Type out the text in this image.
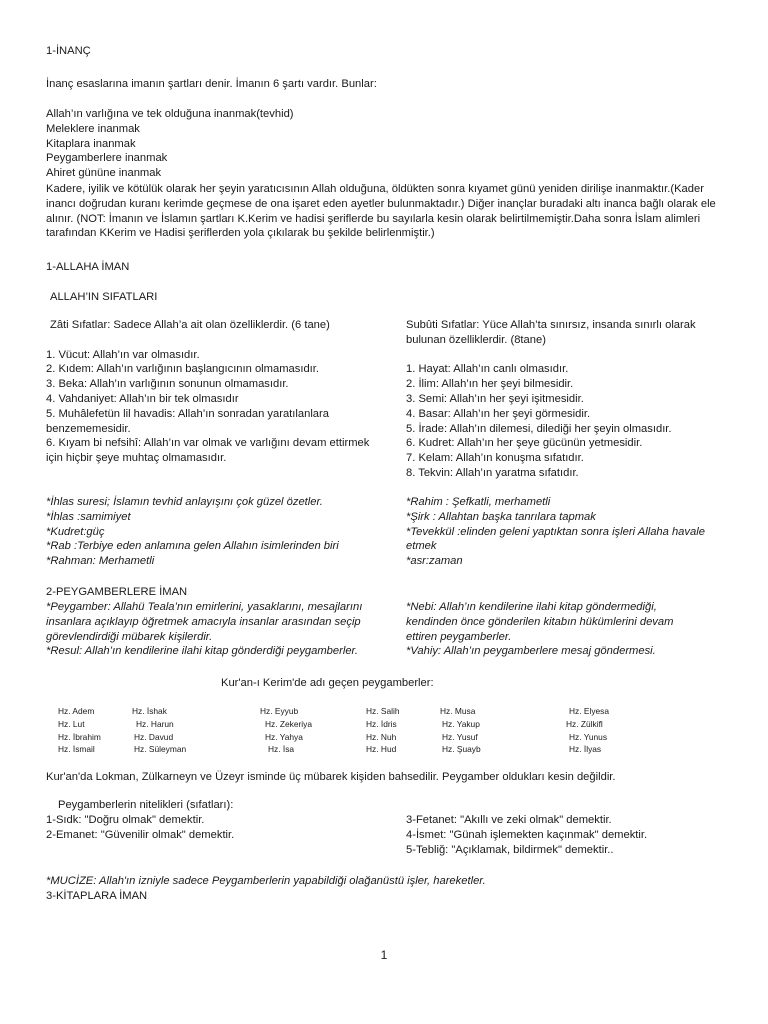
1-İNANÇ
İnanç esaslarına imanın şartları denir. İmanın 6 şartı vardır. Bunlar:
Allah’ın varlığına ve tek olduğuna inanmak(tevhid)
Meleklere inanmak
Kitaplara inanmak
Peygamberlere inanmak
Ahiret gününe inanmak
Kadere, iyilik ve kötülük olarak her şeyin yaratıcısının Allah olduğuna, öldükten sonra kıyamet günü yeniden dirilişe inanmaktır.(Kader inancı doğrudan kuranı kerimde geçmese de ona işaret eden ayetler bulunmaktadır.) Diğer inançlar buradaki altı inanca bağlı olarak ele alınır. (NOT: İmanın ve İslamın şartları K.Kerim ve hadisi şeriflerde bu sayılarla kesin olarak belirtilmemiştir.Daha sonra İslam alimleri tarafından KKerim ve Hadisi şeriflerden yola çıkılarak bu şekilde belirlenmiştir.)
1-ALLAHA İMAN
ALLAH’IN SIFATLARI
Zâti Sıfatlar: Sadece Allah’a ait olan özelliklerdir. (6 tane)
1. Vücut: Allah’ın var olmasıdır.
2. Kıdem: Allah’ın varlığının başlangıcının olmamasıdır.
3. Beka: Allah’ın varlığının sonunun olmamasıdır.
4. Vahdaniyet: Allah’ın bir tek olmasıdır
5. Muhâlefetün lil havadis: Allah’ın sonradan yaratılanlara benzememesidir.
6. Kıyam bi nefsihî: Allah’ın var olmak ve varlığını devam ettirmek için hiçbir şeye muhtaç olmamasıdır.
Subûti Sıfatlar: Yüce Allah’ta sınırsız, insanda sınırlı olarak bulunan özelliklerdir. (8tane)
1. Hayat: Allah’ın canlı olmasıdır.
2. İlim: Allah’ın her şeyi bilmesidir.
3. Semi: Allah’ın her şeyi işitmesidir.
4. Basar: Allah’ın her şeyi görmesidir.
5. İrade: Allah’ın dilemesi, dilediği her şeyin olmasıdır.
6. Kudret: Allah’ın her şeye gücünün yetmesidir.
7. Kelam: Allah’ın konuşma sıfatıdır.
8. Tekvin: Allah’ın yaratma sıfatıdır.
*İhlas suresi; İslamın tevhid anlayışını çok güzel özetler.
*İhlas :samimiyet
*Kudret:güç
*Rab :Terbiye eden anlamına gelen Allahın isimlerinden biri
*Rahman: Merhametli
*Rahim : Şefkatli, merhametli
*Şirk : Allahtan başka tanrılara tapmak
*Tevekkül :elinden geleni yaptıktan sonra işleri Allaha havale etmek
*asr:zaman
2-PEYGAMBERLERE İMAN
*Peygamber: Allahü Teala’nın emirlerini, yasaklarını, mesajlarını insanlara açıklayıp öğretmek amacıyla insanlar arasından seçip görevlendirdiği mübarek kişilerdir.
*Resul: Allah’ın kendilerine ilahi kitap gönderdiği peygamberler.
*Nebi: Allah’ın kendilerine ilahi kitap göndermediği, kendinden önce gönderilen kitabın hükümlerini devam ettiren peygamberler.
*Vahiy: Allah’ın peygamberlere mesaj göndermesi.
Kur'an-ı Kerim'de adı geçen peygamberler:
Hz. Adem
Hz. Lut
Hz. İbrahim
Hz. İsmail
Hz. İshak
Hz. Harun
Hz. Davud
Hz. Süleyman
Hz. Eyyub
Hz. Zekeriya
Hz. Yahya
Hz. İsa
Hz. Salih
Hz. İdris
Hz. Nuh
Hz. Hud
Hz. Musa
Hz. Yakup
Hz. Yusuf
Hz. Şuayb
Hz. Elyesa
Hz. Zülkifl
Hz. Yunus
Hz. İlyas
Kur'an'da Lokman, Zülkarneyn ve Üzeyr isminde üç mübarek kişiden bahsedilir. Peygamber oldukları kesin değildir.
Peygamberlerin nitelikleri (sıfatları):
1-Sıdk: "Doğru olmak" demektir.
2-Emanet: "Güvenilir olmak" demektir.
3-Fetanet: "Akıllı ve zeki olmak" demektir.
4-İsmet: "Günah işlemekten kaçınmak" demektir.
5-Tebliğ: "Açıklamak, bildirmek" demektir..
*MUCİZE: Allah'ın izniyle sadece Peygamberlerin yapabildiği olağanüstü işler, hareketler.
3-KİTAPLARA İMAN
1
